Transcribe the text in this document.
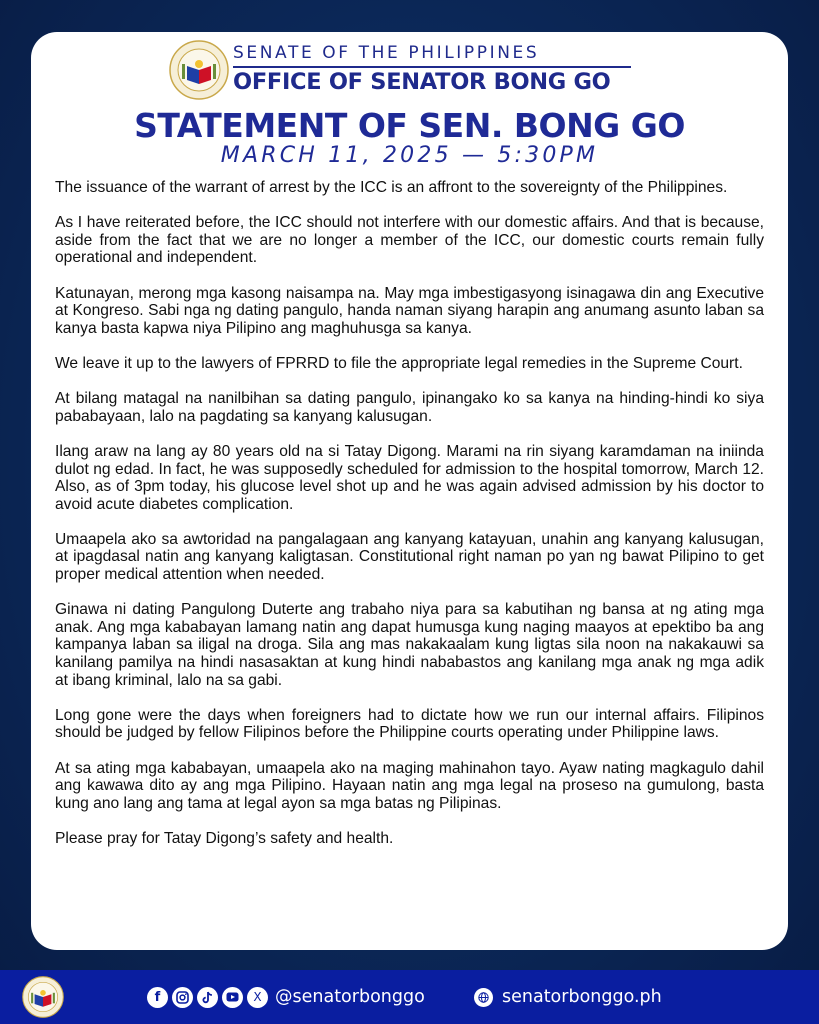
SENATE OF THE PHILIPPINES
OFFICE OF SENATOR BONG GO
STATEMENT OF SEN. BONG GO
MARCH 11, 2025 — 5:30PM

The issuance of the warrant of arrest by the ICC is an affront to the sovereignty of the Philippines.

As I have reiterated before, the ICC should not interfere with our domestic affairs. And that is because, aside from the fact that we are no longer a member of the ICC, our domestic courts remain fully operational and independent.

Katunayan, merong mga kasong naisampa na. May mga imbestigasyong isinagawa din ang Executive at Kongreso. Sabi nga ng dating pangulo, handa naman siyang harapin ang anumang asunto laban sa kanya basta kapwa niya Pilipino ang maghuhusga sa kanya.

We leave it up to the lawyers of FPRRD to file the appropriate legal remedies in the Supreme Court.

At bilang matagal na nanilbihan sa dating pangulo, ipinangako ko sa kanya na hinding-hindi ko siya pababayaan, lalo na pagdating sa kanyang kalusugan.

Ilang araw na lang ay 80 years old na si Tatay Digong. Marami na rin siyang karamdaman na iniinda dulot ng edad. In fact, he was supposedly scheduled for admission to the hospital tomorrow, March 12. Also, as of 3pm today, his glucose level shot up and he was again advised admission by his doctor to avoid acute diabetes complication.

Umaapela ako sa awtoridad na pangalagaan ang kanyang katayuan, unahin ang kanyang kalusugan, at ipagdasal natin ang kanyang kaligtasan. Constitutional right naman po yan ng bawat Pilipino to get proper medical attention when needed.

Ginawa ni dating Pangulong Duterte ang trabaho niya para sa kabutihan ng bansa at ng ating mga anak. Ang mga kababayan lamang natin ang dapat humusga kung naging maayos at epektibo ba ang kampanya laban sa iligal na droga. Sila ang mas nakakaalam kung ligtas sila noon na nakakauwi sa kanilang pamilya na hindi nasasaktan at kung hindi nababastos ang kanilang mga anak ng mga adik at ibang kriminal, lalo na sa gabi.

Long gone were the days when foreigners had to dictate how we run our internal affairs. Filipinos should be judged by fellow Filipinos before the Philippine courts operating under Philippine laws.

At sa ating mga kababayan, umaapela ako na maging mahinahon tayo. Ayaw nating magkagulo dahil ang kawawa dito ay ang mga Pilipino. Hayaan natin ang mga legal na proseso na gumulong, basta kung ano lang ang tama at legal ayon sa mga batas ng Pilipinas.

Please pray for Tatay Digong’s safety and health.

f	X @senatorbonggo	senatorbonggo.ph
